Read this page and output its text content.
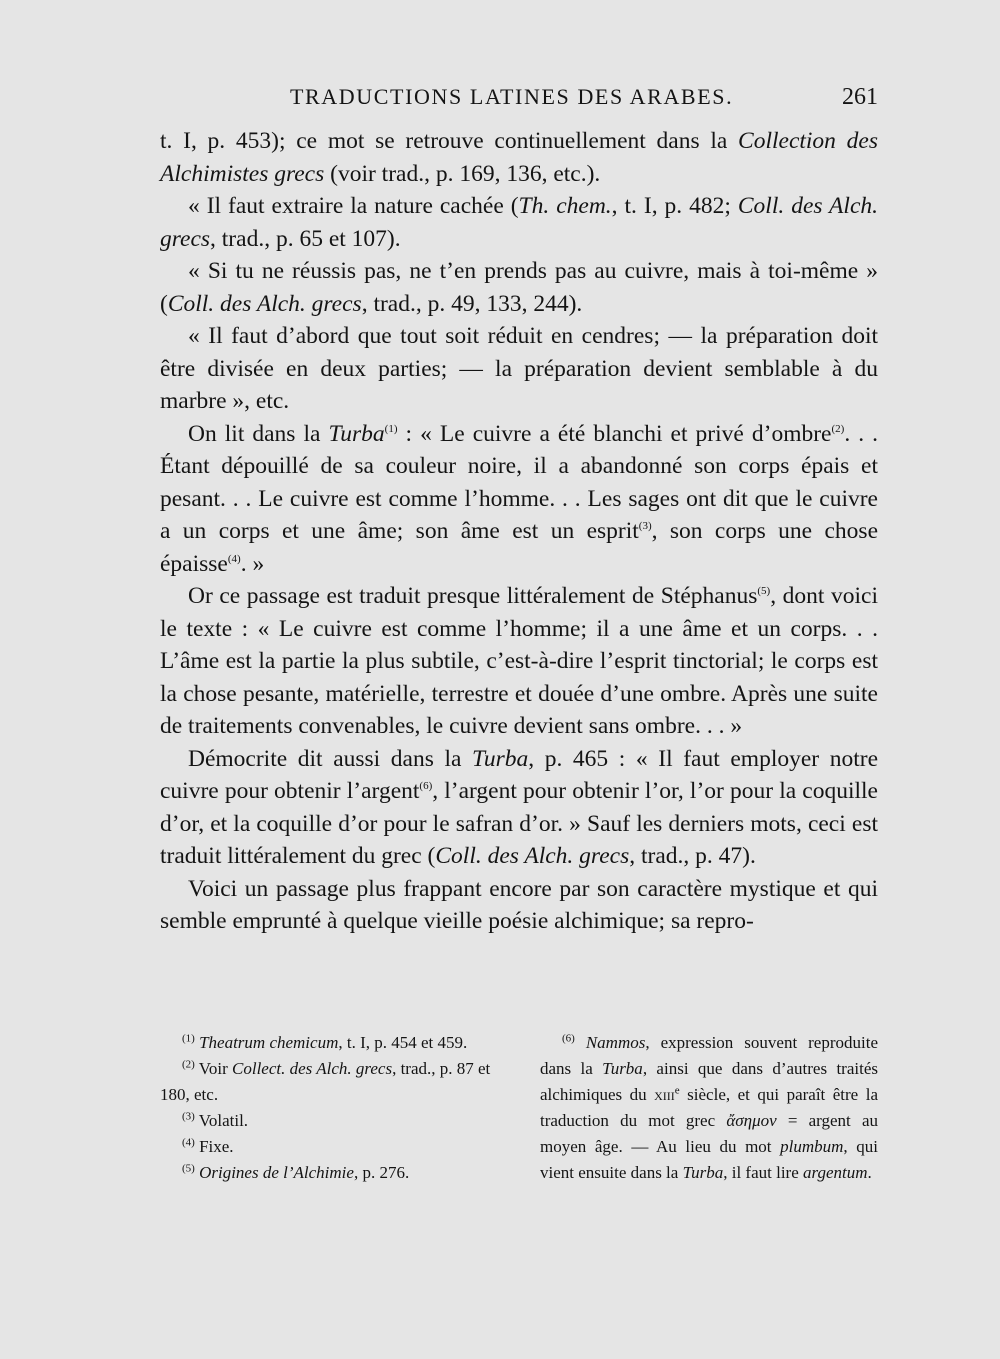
TRADUCTIONS LATINES DES ARABES.	261

t. I, p. 453); ce mot se retrouve continuellement dans la Collection des Alchimistes grecs (voir trad., p. 169, 136, etc.).

« Il faut extraire la nature cachée (Th. chem., t. I, p. 482; Coll. des Alch. grecs, trad., p. 65 et 107).

« Si tu ne réussis pas, ne t’en prends pas au cuivre, mais à toi-même » (Coll. des Alch. grecs, trad., p. 49, 133, 244).

« Il faut d’abord que tout soit réduit en cendres; — la préparation doit être divisée en deux parties; — la préparation devient semblable à du marbre », etc.

On lit dans la Turba$^{(1)}$ : « Le cuivre a été blanchi et privé d’ombre$^{(2)}$. . . Étant dépouillé de sa couleur noire, il a abandonné son corps épais et pesant. . . Le cuivre est comme l’homme. . . Les sages ont dit que le cuivre a un corps et une âme; son âme est un esprit$^{(3)}$, son corps une chose épaisse$^{(4)}$. »

Or ce passage est traduit presque littéralement de Stéphanus$^{(5)}$, dont voici le texte : « Le cuivre est comme l’homme; il a une âme et un corps. . . L’âme est la partie la plus subtile, c’est-à-dire l’esprit tinctorial; le corps est la chose pesante, matérielle, terrestre et douée d’une ombre. Après une suite de traitements convenables, le cuivre devient sans ombre. . . »

Démocrite dit aussi dans la Turba, p. 465 : « Il faut employer notre cuivre pour obtenir l’argent$^{(6)}$, l’argent pour obtenir l’or, l’or pour la coquille d’or, et la coquille d’or pour le safran d’or. » Sauf les derniers mots, ceci est traduit littéralement du grec (Coll. des Alch. grecs, trad., p. 47).

Voici un passage plus frappant encore par son caractère mystique et qui semble emprunté à quelque vieille poésie alchimique; sa repro-

$^{(1)}$ Theatrum chemicum, t. I, p. 454 et 459.

$^{(2)}$ Voir Collect. des Alch. grecs, trad., p. 87 et 180, etc.

$^{(3)}$ Volatil.

$^{(4)}$ Fixe.

$^{(5)}$ Origines de l’Alchimie, p. 276.

$^{(6)}$ Nammos, expression souvent reproduite dans la Turba, ainsi que dans d’autres traités alchimiques du xiii$^e$ siècle, et qui paraît être la traduction du mot grec ἄσημον = argent au moyen âge. — Au lieu du mot plumbum, qui vient ensuite dans la Turba, il faut lire argentum.
